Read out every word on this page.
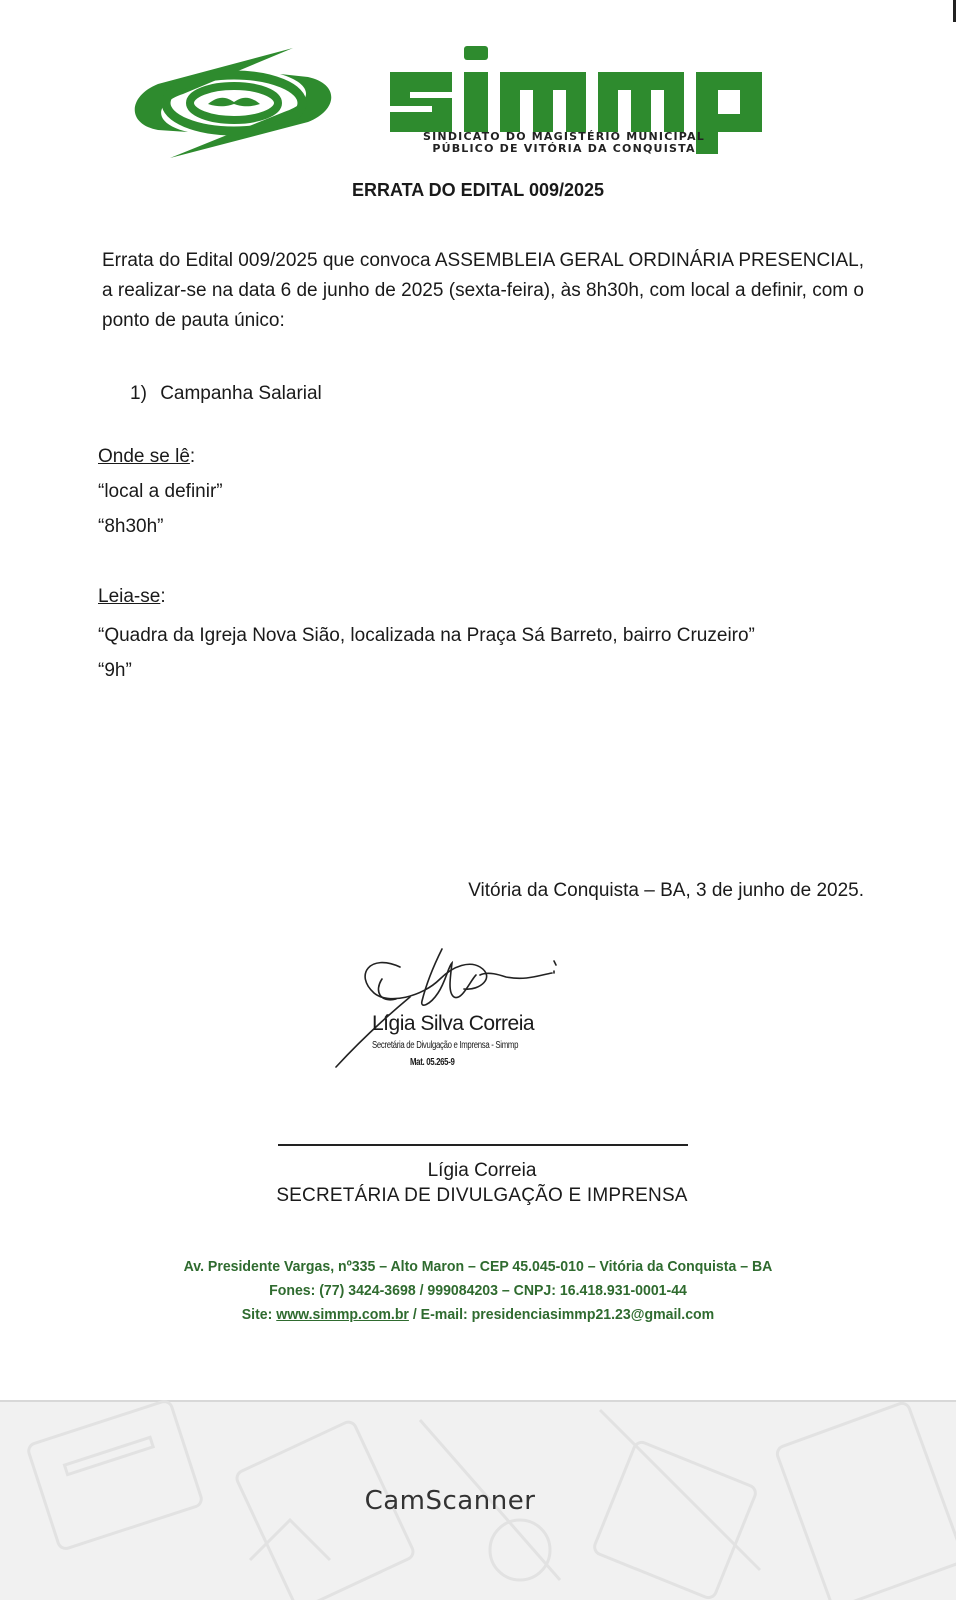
SINDICATO DO MAGISTÉRIO MUNICIPAL
PÚBLICO DE VITÓRIA DA CONQUISTA
ERRATA DO EDITAL 009/2025
Errata do Edital 009/2025 que convoca ASSEMBLEIA GERAL ORDINÁRIA PRESENCIAL, a realizar-se na data 6 de junho de 2025 (sexta-feira), às 8h30h, com local a definir, com o ponto de pauta único:
1) Campanha Salarial
Onde se lê:
“local a definir”
“8h30h”
Leia-se:
“Quadra da Igreja Nova Sião, localizada na Praça Sá Barreto, bairro Cruzeiro”
“9h”
Vitória da Conquista – BA, 3 de junho de 2025.
Lígia Silva Correia
Secretária de Divulgação e Imprensa - Simmp
Mat. 05.265-9
Lígia Correia
SECRETÁRIA DE DIVULGAÇÃO E IMPRENSA
Av. Presidente Vargas, nº335 – Alto Maron – CEP 45.045-010 – Vitória da Conquista – BA
Fones: (77) 3424-3698 / 999084203 – CNPJ: 16.418.931-0001-44
Site: www.simmp.com.br / E-mail: presidenciasimmp21.23@gmail.com
CamScanner
